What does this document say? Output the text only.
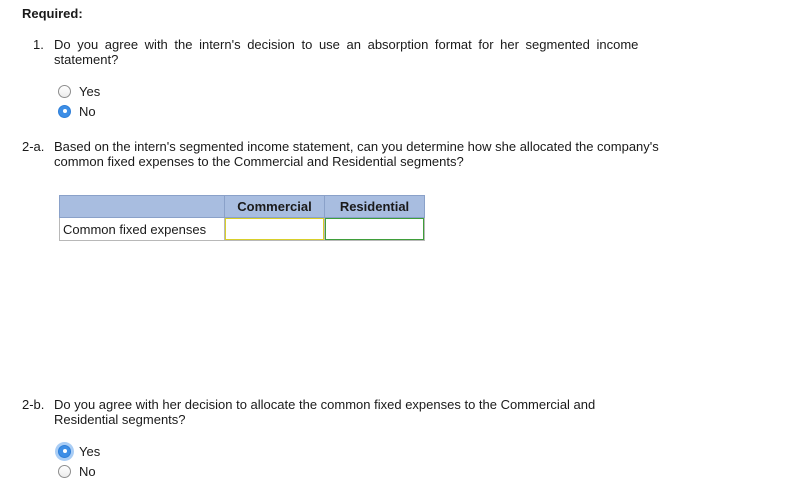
Required:
1. Do you agree with the intern's decision to use an absorption format for her segmented income statement?
Yes
No
2-a. Based on the intern's segmented income statement, can you determine how she allocated the company's common fixed expenses to the Commercial and Residential segments?
	Commercial	Residential
Common fixed expenses	

2-b. Do you agree with her decision to allocate the common fixed expenses to the Commercial and Residential segments?
Yes
No
